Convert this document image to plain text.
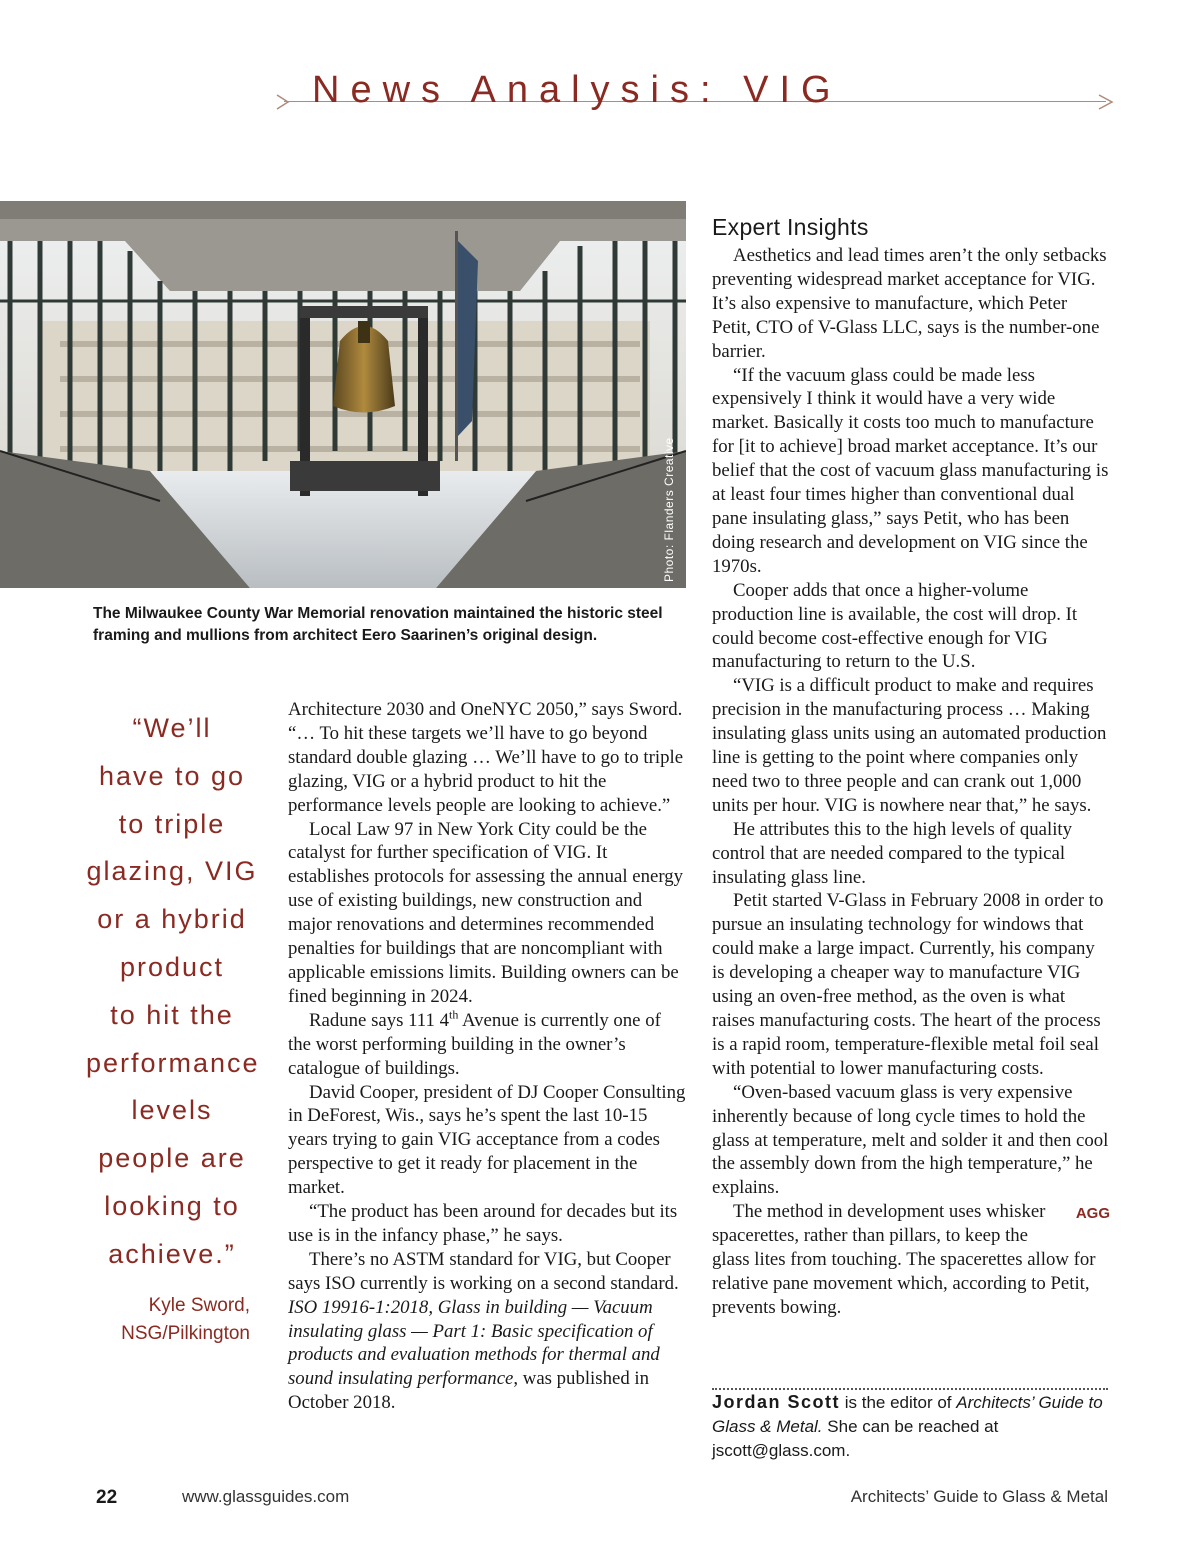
News Analysis: VIG
Photo: Flanders Creative
The Milwaukee County War Memorial renovation maintained the historic steel framing and mullions from architect Eero Saarinen’s original design.
“We’ll
have to go
to triple
glazing, VIG
or a hybrid
product
to hit the
performance
levels
people are
looking to
achieve.”
Kyle Sword,
NSG/Pilkington

Architecture 2030 and OneNYC 2050,” says Sword. “… To hit these targets we’ll have to go beyond standard double glazing … We’ll have to go to triple glazing, VIG or a hybrid product to hit the performance levels people are looking to achieve.”

Local Law 97 in New York City could be the catalyst for further specification of VIG. It establishes protocols for assessing the annual energy use of existing buildings, new construction and major renovations and determines recommended penalties for buildings that are noncompliant with applicable emissions limits. Building owners can be fined beginning in 2024.

Radune says 111 4th Avenue is currently one of the worst performing building in the owner’s catalogue of buildings.

David Cooper, president of DJ Cooper Consulting in DeForest, Wis., says he’s spent the last 10-15 years trying to gain VIG acceptance from a codes perspective to get it ready for placement in the market.

“The product has been around for decades but its use is in the infancy phase,” he says.

There’s no ASTM standard for VIG, but Cooper says ISO currently is working on a second standard. ISO 19916-1:2018, Glass in building — Vacuum insulating glass — Part 1: Basic specification of products and evaluation methods for thermal and sound insulating performance, was published in October 2018.

Expert Insights

Aesthetics and lead times aren’t the only setbacks preventing widespread market acceptance for VIG. It’s also expensive to manufacture, which Peter Petit, CTO of V-Glass LLC, says is the number-one barrier.

“If the vacuum glass could be made less expensively I think it would have a very wide market. Basically it costs too much to manufacture for [it to achieve] broad market acceptance. It’s our belief that the cost of vacuum glass manufacturing is at least four times higher than conventional dual pane insulating glass,” says Petit, who has been doing research and development on VIG since the 1970s.

Cooper adds that once a higher-volume production line is available, the cost will drop. It could become cost-effective enough for VIG manufacturing to return to the U.S.

“VIG is a difficult product to make and requires precision in the manufacturing process … Making insulating glass units using an automated production line is getting to the point where companies only need two to three people and can crank out 1,000 units per hour. VIG is nowhere near that,” he says.

He attributes this to the high levels of quality control that are needed compared to the typical insulating glass line.

Petit started V-Glass in February 2008 in order to pursue an insulating technology for windows that could make a large impact. Currently, his company is developing a cheaper way to manufacture VIG using an oven-free method, as the oven is what raises manufacturing costs. The heart of the process is a rapid room, temperature-flexible metal foil seal with potential to lower manufacturing costs.

“Oven-based vacuum glass is very expensive inherently because of long cycle times to hold the glass at temperature, melt and solder it and then cool the assembly down from the high temperature,” he explains.

AGG
The method in development uses whisker spacerettes, rather than pillars, to keep the glass lites from touching. The spacerettes allow for relative pane movement which, according to Petit, prevents bowing.

Jordan Scott is the editor of Architects’ Guide to Glass & Metal. She can be reached at jscott@glass.com.
22	www.glassguides.com	Architects’ Guide to Glass & Metal
